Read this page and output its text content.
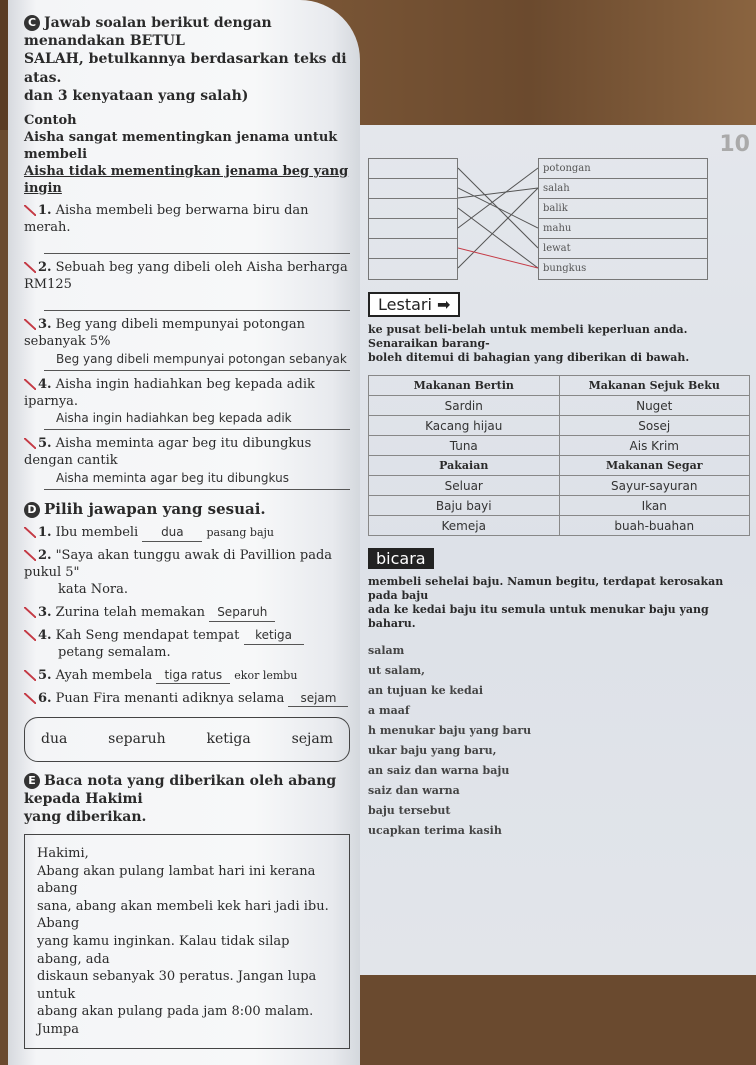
10
potongan
salah
balik
mahu
lewat
bungkus
Lestari ➡
ke pusat beli-belah untuk membeli keperluan anda. Senaraikan barang-
boleh ditemui di bahagian yang diberikan di bawah.
Makanan Bertin	Makanan Sejuk Beku
Sardin	Nuget
Kacang hijau	Sosej
Tuna	Ais Krim
Pakaian	Makanan Segar
Seluar	Sayur-sayuran
Baju bayi	Ikan
Kemeja	buah-buahan
bicara
membeli sehelai baju. Namun begitu, terdapat kerosakan pada baju
ada ke kedai baju itu semula untuk menukar baju yang baharu.
salam
ut salam,
an tujuan ke kedai
a maaf
h menukar baju yang baru
ukar baju yang baru,
an saiz dan warna baju
saiz dan warna
baju tersebut
ucapkan terima kasih
C Jawab soalan berikut dengan menandakan BETUL
SALAH, betulkannya berdasarkan teks di atas.
dan 3 kenyataan yang salah)
Contoh
Aisha sangat mementingkan jenama untuk membeli
Aisha tidak mementingkan jenama beg yang ingin
1. Aisha membeli beg berwarna biru dan merah.
2. Sebuah beg yang dibeli oleh Aisha berharga RM125
3. Beg yang dibeli mempunyai potongan sebanyak 5%
Beg yang dibeli mempunyai potongan sebanyak
4. Aisha ingin hadiahkan beg kepada adik iparnya.
Aisha ingin hadiahkan beg kepada adik
5. Aisha meminta agar beg itu dibungkus dengan cantik
Aisha meminta agar beg itu dibungkus
D Pilih jawapan yang sesuai.
1. Ibu membeli dua pasang baju
2. "Saya akan tunggu awak di Pavillion pada pukul 5"
kata Nora.
3. Zurina telah memakan Separuh
4. Kah Seng mendapat tempat ketiga
petang semalam.
5. Ayah membela tiga ratus ekor lembu
6. Puan Fira menanti adiknya selama sejam
dua	separuh	ketiga	sejam
E Baca nota yang diberikan oleh abang kepada Hakimi
yang diberikan.
Hakimi,
Abang akan pulang lambat hari ini kerana abang
sana, abang akan membeli kek hari jadi ibu. Abang
yang kamu inginkan. Kalau tidak silap abang, ada
diskaun sebanyak 30 peratus. Jangan lupa untuk
abang akan pulang pada jam 8:00 malam. Jumpa
